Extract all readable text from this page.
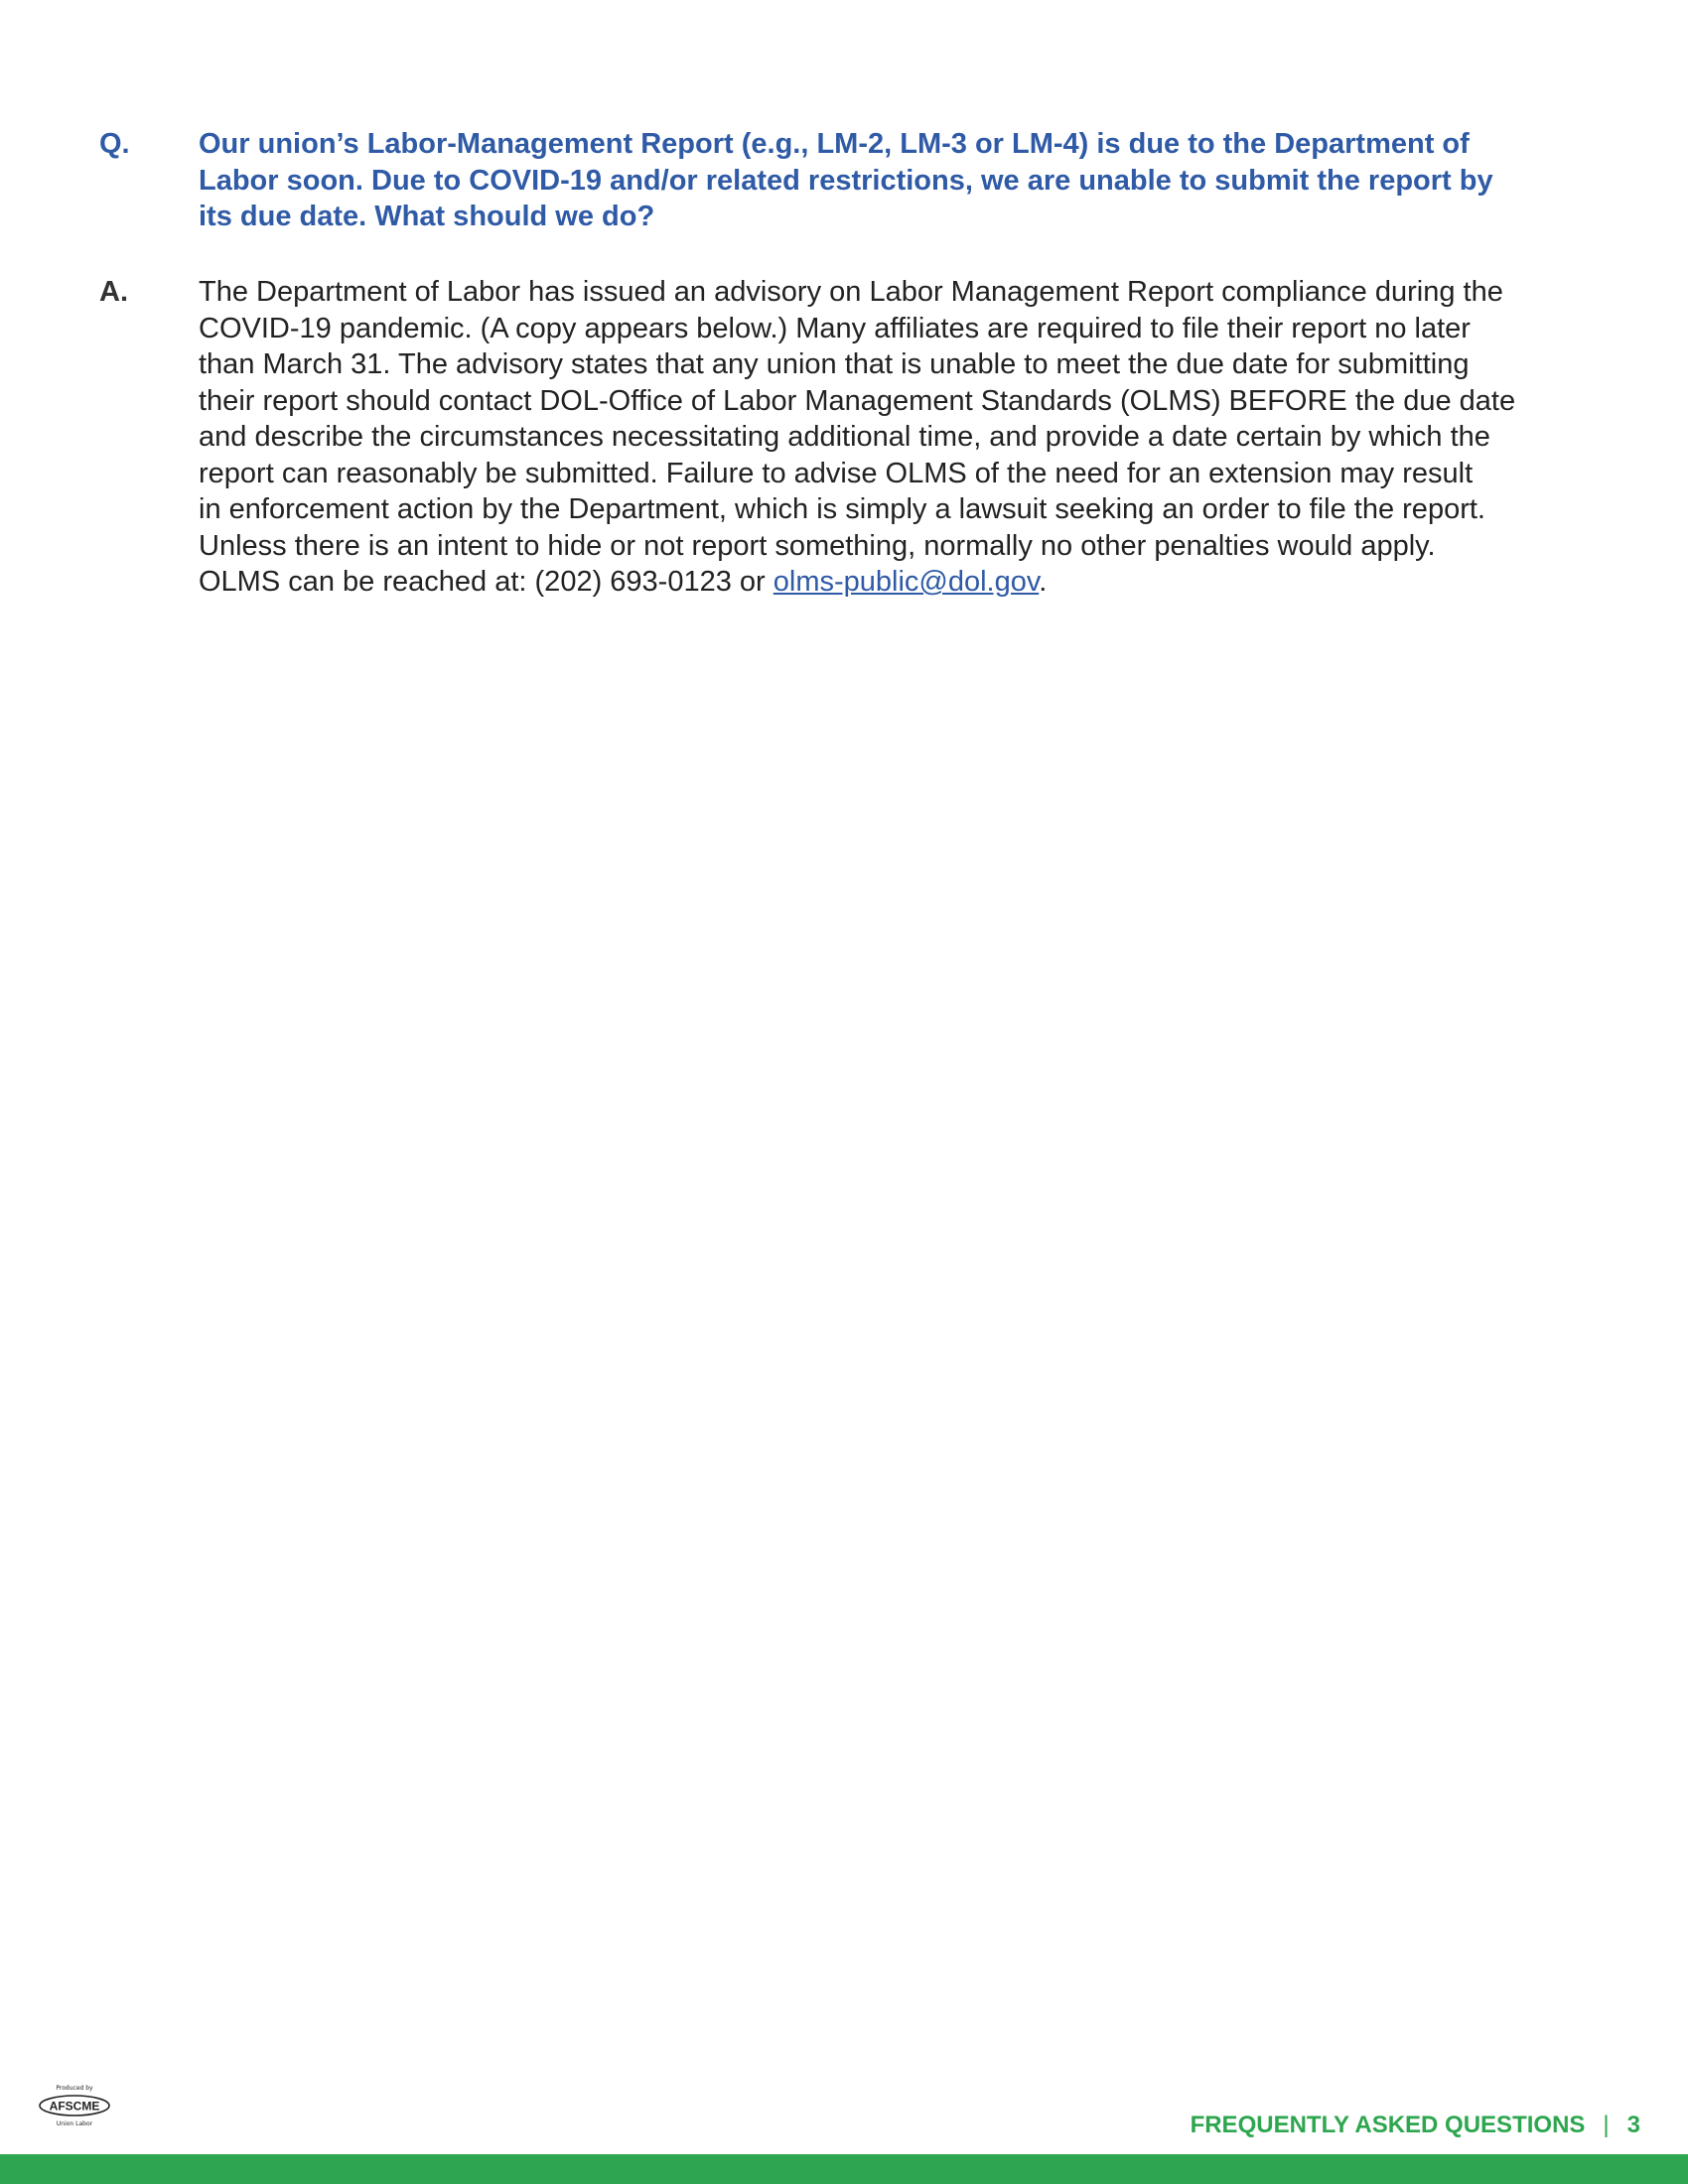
Q. Our union’s Labor-Management Report (e.g., LM-2, LM-3 or LM-4) is due to the Department of
Labor soon. Due to COVID-19 and/or related restrictions, we are unable to submit the report by
its due date. What should we do?
A. The Department of Labor has issued an advisory on Labor Management Report compliance during the
COVID-19 pandemic. (A copy appears below.) Many affiliates are required to file their report no later
than March 31. The advisory states that any union that is unable to meet the due date for submitting
their report should contact DOL-Office of Labor Management Standards (OLMS) BEFORE the due date
and describe the circumstances necessitating additional time, and provide a date certain by which the
report can reasonably be submitted. Failure to advise OLMS of the need for an extension may result
in enforcement action by the Department, which is simply a lawsuit seeking an order to file the report.
Unless there is an intent to hide or not report something, normally no other penalties would apply.
OLMS can be reached at: (202) 693-0123 or olms-public@dol.gov.
Produced by
AFSCME
Union Labor	FREQUENTLY ASKED QUESTIONS | 3
